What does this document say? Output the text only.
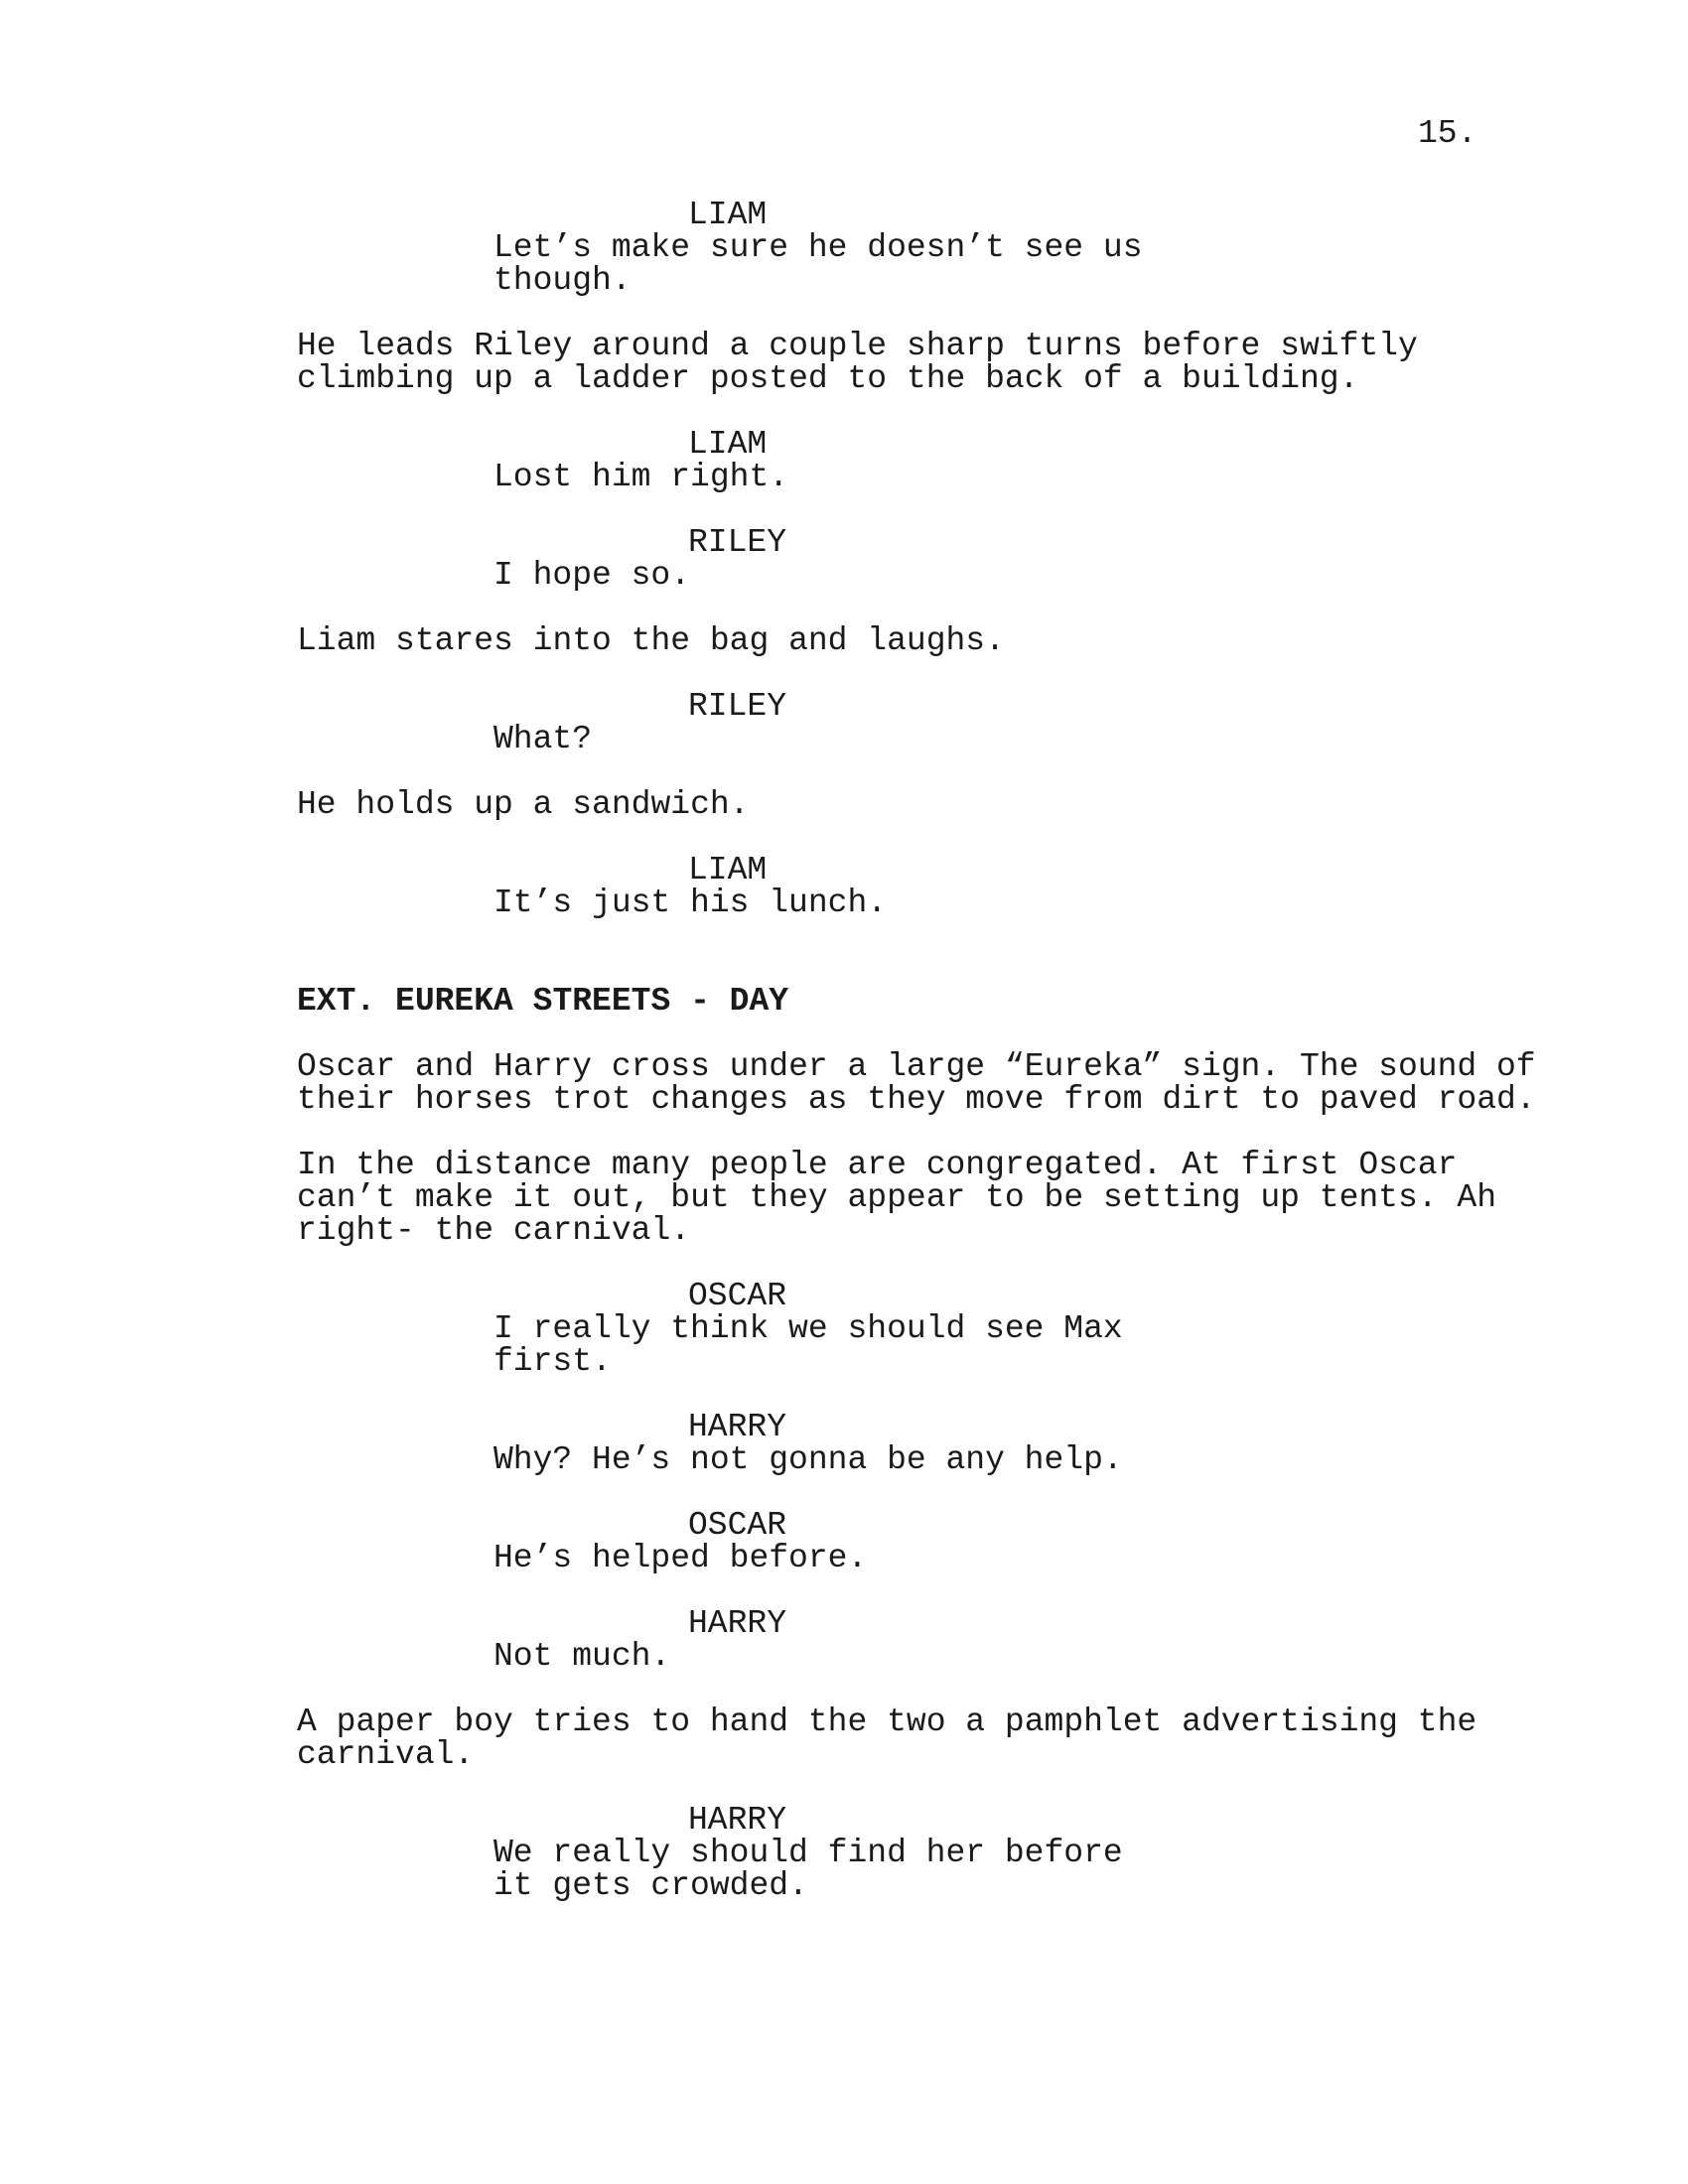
15.
LIAM
Let’s make sure he doesn’t see us
though.
He leads Riley around a couple sharp turns before swiftly
climbing up a ladder posted to the back of a building.
LIAM
Lost him right.
RILEY
I hope so.
Liam stares into the bag and laughs.
RILEY
What?
He holds up a sandwich.
LIAM
It’s just his lunch.
EXT. EUREKA STREETS - DAY
Oscar and Harry cross under a large “Eureka” sign. The sound of
their horses trot changes as they move from dirt to paved road.
In the distance many people are congregated. At first Oscar
can’t make it out, but they appear to be setting up tents. Ah
right- the carnival.
OSCAR
I really think we should see Max
first.
HARRY
Why? He’s not gonna be any help.
OSCAR
He’s helped before.
HARRY
Not much.
A paper boy tries to hand the two a pamphlet advertising the
carnival.
HARRY
We really should find her before
it gets crowded.
